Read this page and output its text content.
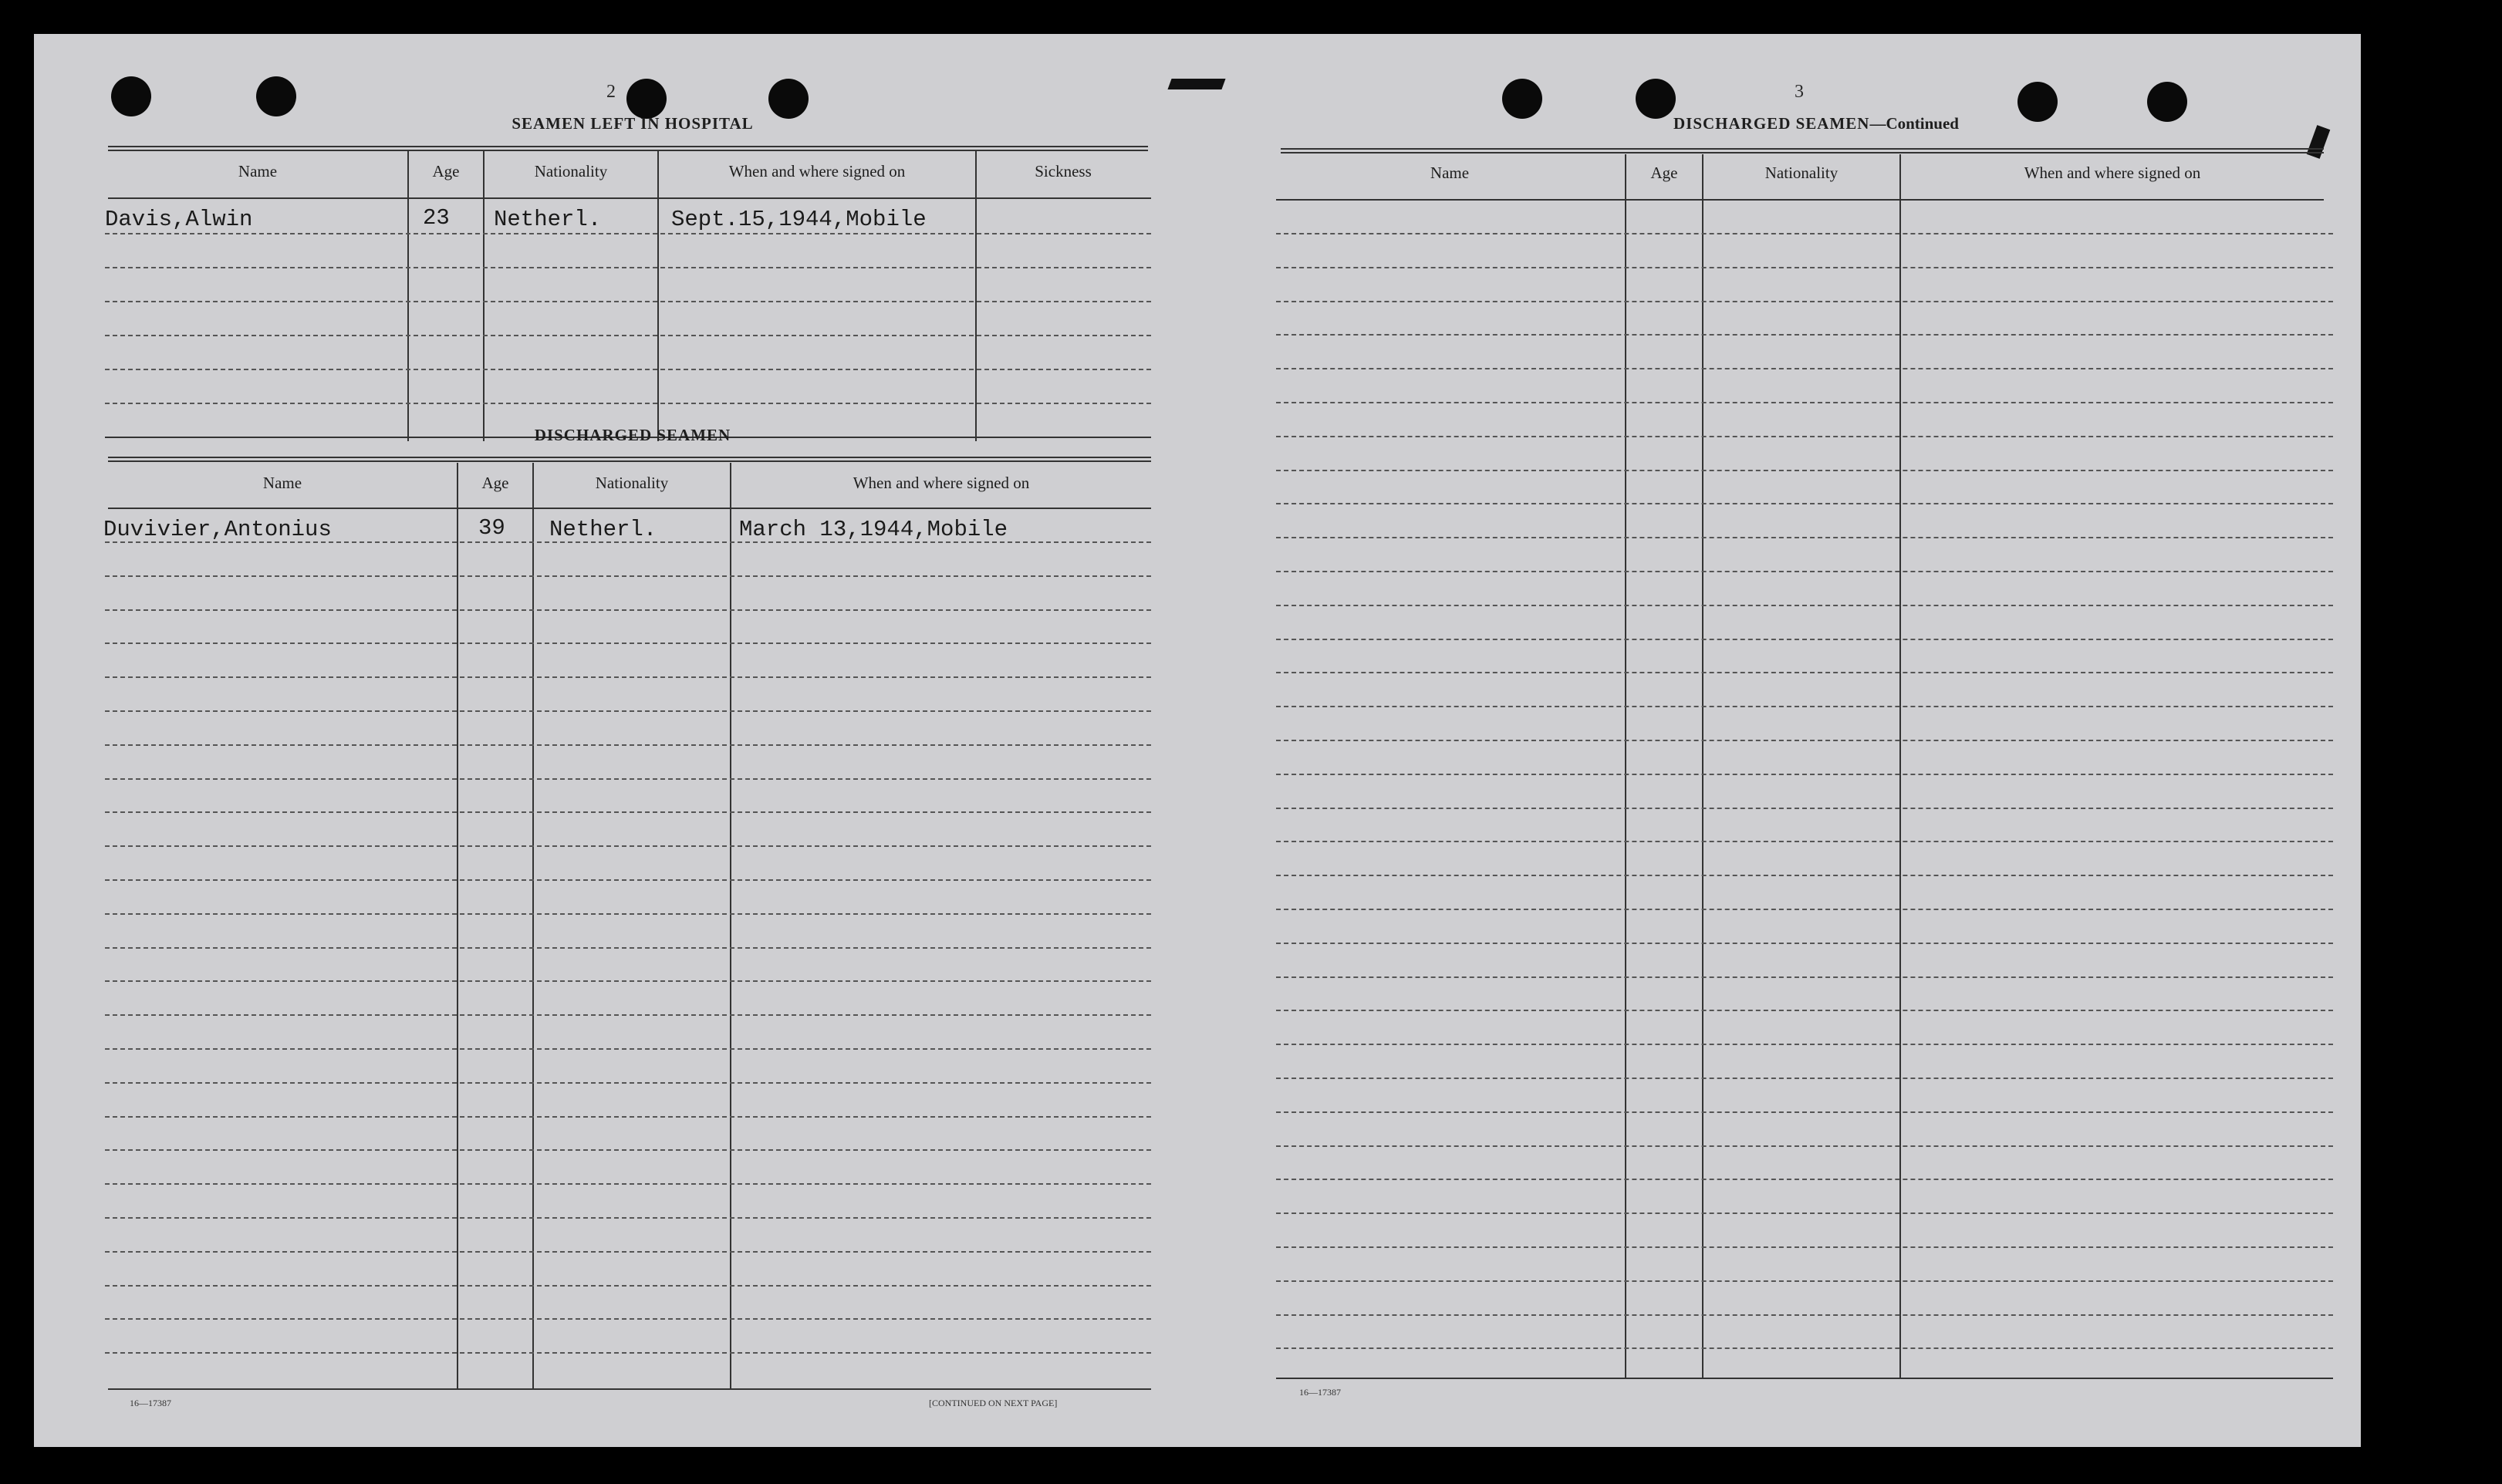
2
SEAMEN LEFT IN HOSPITAL
Name	Age	Nationality	When and where signed on	Sickness
Davis,Alwin	23 Netherl.	Sept.15,1944,Mobile
DISCHARGED SEAMEN
Name	Age	Nationality	When and where signed on
Duvivier,Antonius	39 Netherl.	March 13,1944,Mobile
16—17387	[CONTINUED ON NEXT PAGE]
3
DISCHARGED SEAMEN—Continued
Name	Age	Nationality	When and where signed on
16—17387
